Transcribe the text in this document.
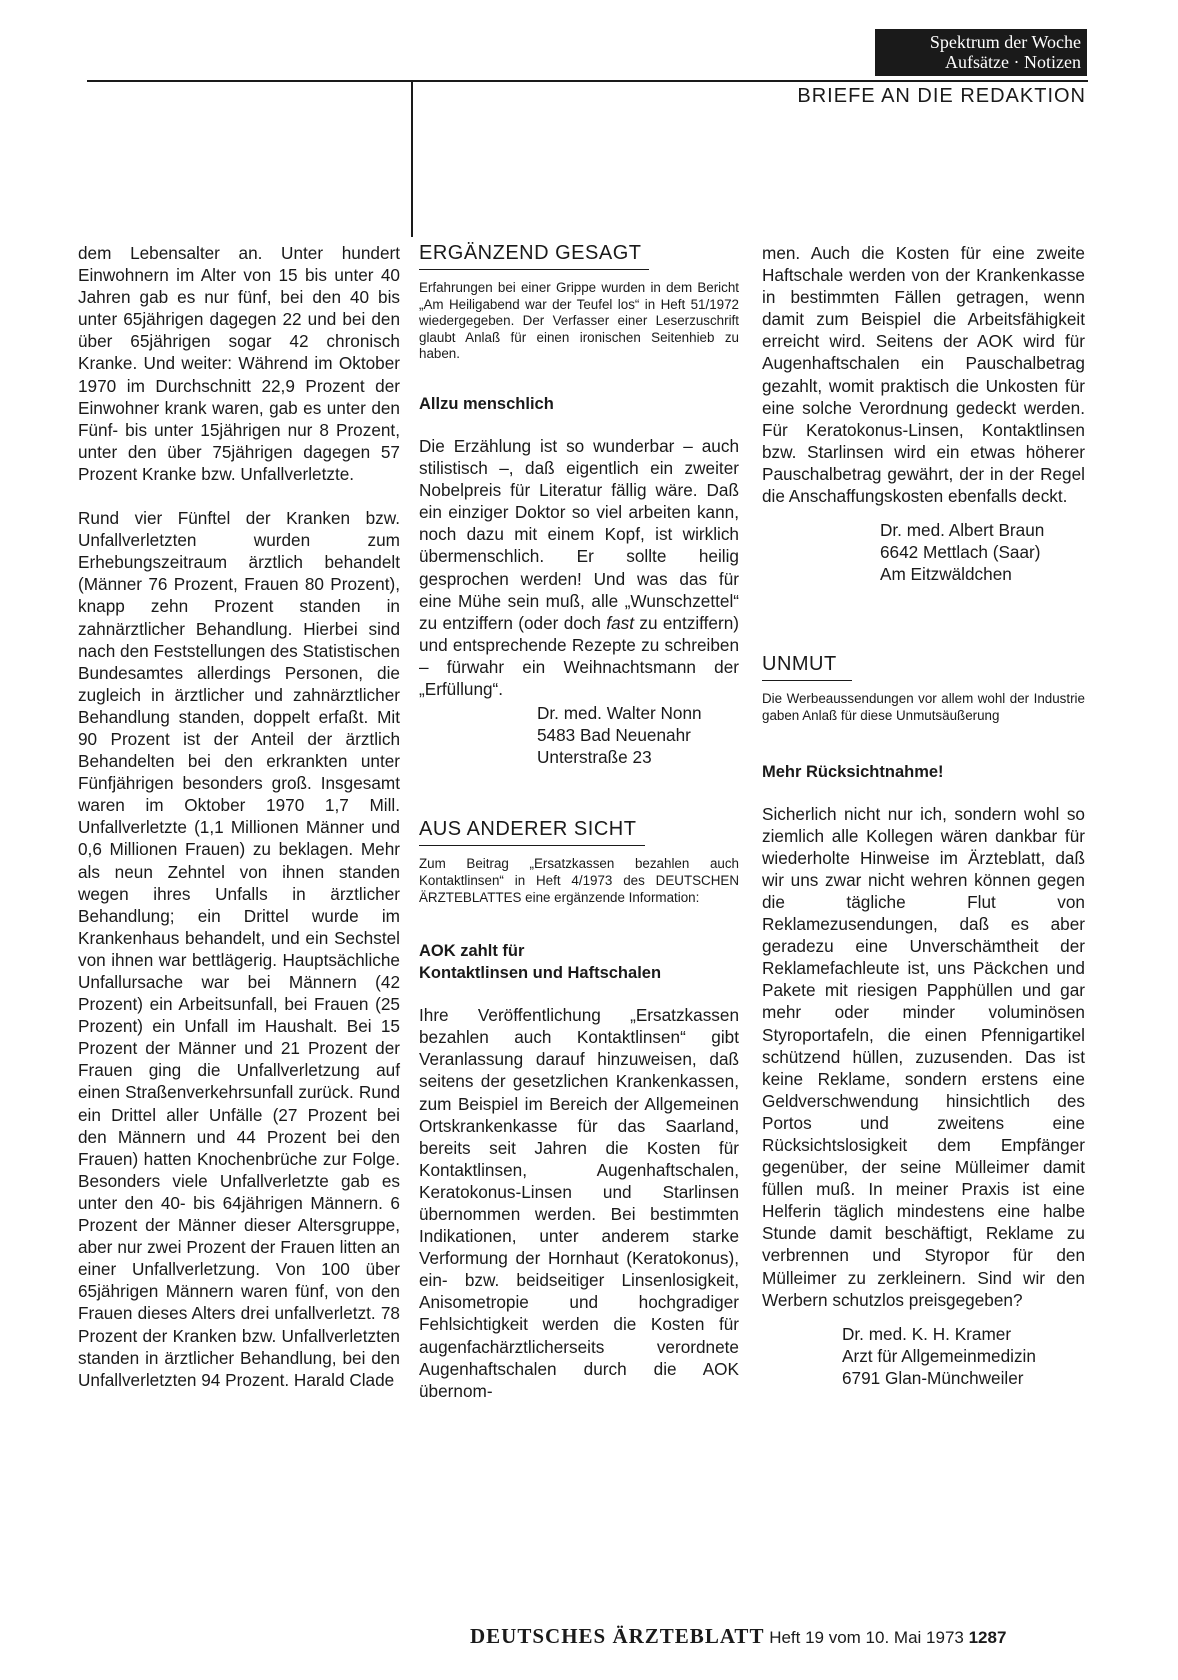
Spektrum der Woche
Aufsätze · Notizen
BRIEFE AN DIE REDAKTION

dem Lebensalter an. Unter hundert Einwohnern im Alter von 15 bis unter 40 Jahren gab es nur fünf, bei den 40 bis unter 65jährigen dagegen 22 und bei den über 65jährigen sogar 42 chronisch Kranke. Und weiter: Während im Oktober 1970 im Durchschnitt 22,9 Prozent der Einwohner krank waren, gab es unter den Fünf- bis unter 15jährigen nur 8 Prozent, unter den über 75jährigen dagegen 57 Prozent Kranke bzw. Unfallverletzte.

Rund vier Fünftel der Kranken bzw. Unfallverletzten wurden zum Erhebungszeitraum ärztlich behandelt (Männer 76 Prozent, Frauen 80 Prozent), knapp zehn Prozent standen in zahnärztlicher Behandlung. Hierbei sind nach den Feststellungen des Statistischen Bundesamtes allerdings Personen, die zugleich in ärztlicher und zahnärztlicher Behandlung standen, doppelt erfaßt. Mit 90 Prozent ist der Anteil der ärztlich Behandelten bei den erkrankten unter Fünfjährigen besonders groß. Insgesamt waren im Oktober 1970 1,7 Mill. Unfallverletzte (1,1 Millionen Männer und 0,6 Millionen Frauen) zu beklagen. Mehr als neun Zehntel von ihnen standen wegen ihres Unfalls in ärztlicher Behandlung; ein Drittel wurde im Krankenhaus behandelt, und ein Sechstel von ihnen war bettlägerig. Hauptsächliche Unfallursache war bei Männern (42 Prozent) ein Arbeitsunfall, bei Frauen (25 Prozent) ein Unfall im Haushalt. Bei 15 Prozent der Männer und 21 Prozent der Frauen ging die Unfallverletzung auf einen Straßenverkehrsunfall zurück. Rund ein Drittel aller Unfälle (27 Prozent bei den Männern und 44 Prozent bei den Frauen) hatten Knochenbrüche zur Folge. Besonders viele Unfallverletzte gab es unter den 40- bis 64jährigen Männern. 6 Prozent der Männer dieser Altersgruppe, aber nur zwei Prozent der Frauen litten an einer Unfallverletzung. Von 100 über 65jährigen Männern waren fünf, von den Frauen dieses Alters drei unfallverletzt. 78 Prozent der Kranken bzw. Unfallverletzten standen in ärztlicher Behandlung, bei den Unfallverletzten 94 Prozent. Harald Clade

ERGÄNZEND GESAGT
Erfahrungen bei einer Grippe wurden in dem Bericht „Am Heiligabend war der Teufel los“ in Heft 51/1972 wiedergegeben. Der Verfasser einer Leserzuschrift glaubt Anlaß für einen ironischen Seitenhieb zu haben.
Allzu menschlich

Die Erzählung ist so wunderbar – auch stilistisch –, daß eigentlich ein zweiter Nobelpreis für Literatur fällig wäre. Daß ein einziger Doktor so viel arbeiten kann, noch dazu mit einem Kopf, ist wirklich übermenschlich. Er sollte heilig gesprochen werden! Und was das für eine Mühe sein muß, alle „Wunschzettel“ zu entziffern (oder doch fast zu entziffern) und entsprechende Rezepte zu schreiben – fürwahr ein Weihnachtsmann der „Erfüllung“.

Dr. med. Walter Nonn
5483 Bad Neuenahr
Unterstraße 23
AUS ANDERER SICHT
Zum Beitrag „Ersatzkassen bezahlen auch Kontaktlinsen“ in Heft 4/1973 des DEUTSCHEN ÄRZTEBLATTES eine ergänzende Information:
AOK zahlt für
Kontaktlinsen und Haftschalen

Ihre Veröffentlichung „Ersatzkassen bezahlen auch Kontaktlinsen“ gibt Veranlassung darauf hinzuweisen, daß seitens der gesetzlichen Krankenkassen, zum Beispiel im Bereich der Allgemeinen Ortskrankenkasse für das Saarland, bereits seit Jahren die Kosten für Kontaktlinsen, Augenhaftschalen, Keratokonus-Linsen und Starlinsen übernommen werden. Bei bestimmten Indikationen, unter anderem starke Verformung der Hornhaut (Keratokonus), ein- bzw. beidseitiger Linsenlosigkeit, Anisometropie und hochgradiger Fehlsichtigkeit werden die Kosten für augenfachärztlicherseits verordnete Augenhaftschalen durch die AOK übernom-

men. Auch die Kosten für eine zweite Haftschale werden von der Krankenkasse in bestimmten Fällen getragen, wenn damit zum Beispiel die Arbeitsfähigkeit erreicht wird. Seitens der AOK wird für Augenhaftschalen ein Pauschalbetrag gezahlt, womit praktisch die Unkosten für eine solche Verordnung gedeckt werden. Für Keratokonus-Linsen, Kontaktlinsen bzw. Starlinsen wird ein etwas höherer Pauschalbetrag gewährt, der in der Regel die Anschaffungskosten ebenfalls deckt.

Dr. med. Albert Braun
6642 Mettlach (Saar)
Am Eitzwäldchen
UNMUT
Die Werbeaussendungen vor allem wohl der Industrie gaben Anlaß für diese Unmutsäußerung
Mehr Rücksichtnahme!

Sicherlich nicht nur ich, sondern wohl so ziemlich alle Kollegen wären dankbar für wiederholte Hinweise im Ärzteblatt, daß wir uns zwar nicht wehren können gegen die tägliche Flut von Reklamezusendungen, daß es aber geradezu eine Unverschämtheit der Reklamefachleute ist, uns Päckchen und Pakete mit riesigen Papphüllen und gar mehr oder minder voluminösen Styroportafeln, die einen Pfennigartikel schützend hüllen, zuzusenden. Das ist keine Reklame, sondern erstens eine Geldverschwendung hinsichtlich des Portos und zweitens eine Rücksichtslosigkeit dem Empfänger gegenüber, der seine Mülleimer damit füllen muß. In meiner Praxis ist eine Helferin täglich mindestens eine halbe Stunde damit beschäftigt, Reklame zu verbrennen und Styropor für den Mülleimer zu zerkleinern. Sind wir den Werbern schutzlos preisgegeben?

Dr. med. K. H. Kramer
Arzt für Allgemeinmedizin
6791 Glan-Münchweiler
DEUTSCHES ÄRZTEBLATT Heft 19 vom 10. Mai 1973 1287
